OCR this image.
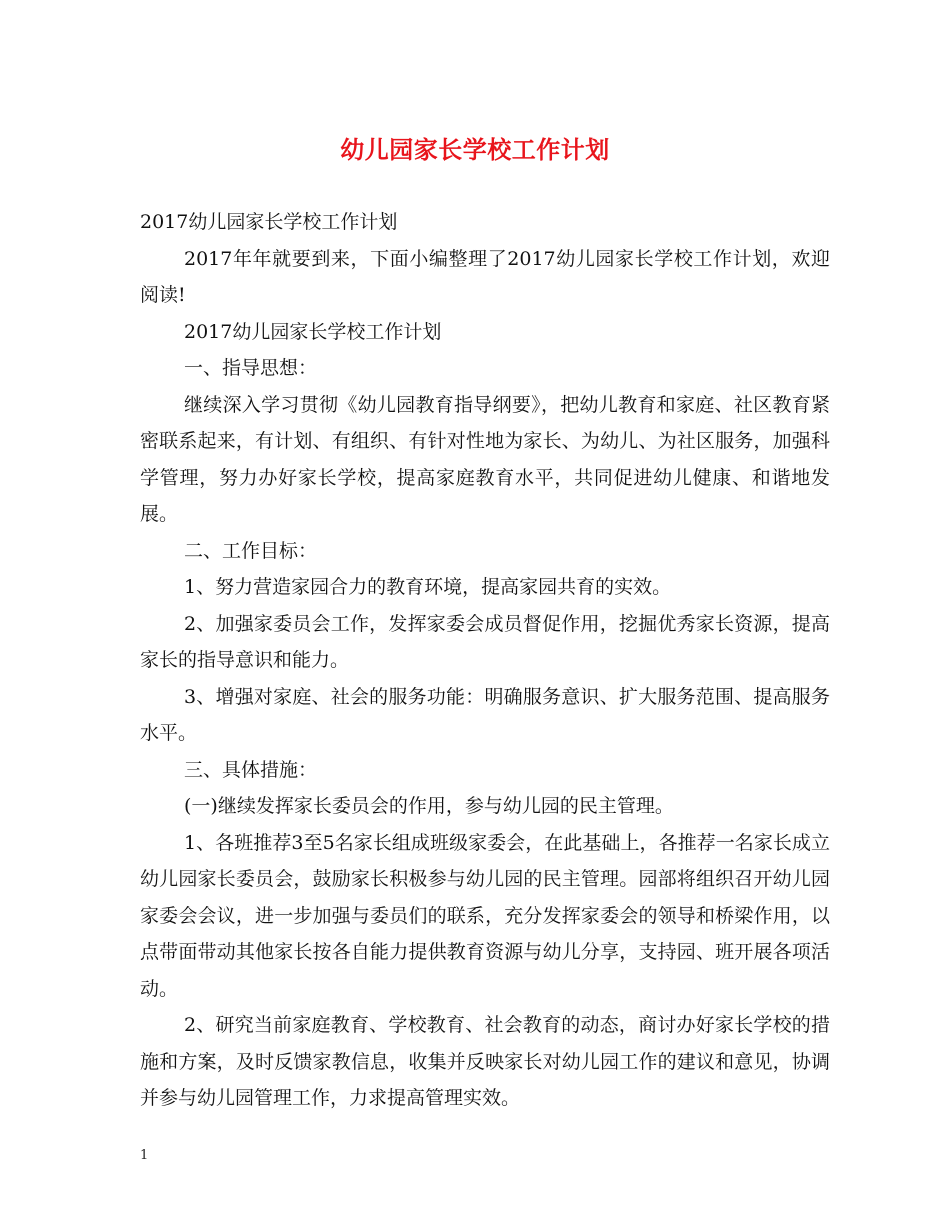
幼儿园家长学校工作计划

2017幼儿园家长学校工作计划

2017年年就要到来，下面小编整理了2017幼儿园家长学校工作计划，欢迎阅读!

2017幼儿园家长学校工作计划

一、指导思想：

继续深入学习贯彻《幼儿园教育指导纲要》，把幼儿教育和家庭、社区教育紧密联系起来，有计划、有组织、有针对性地为家长、为幼儿、为社区服务，加强科学管理，努力办好家长学校，提高家庭教育水平，共同促进幼儿健康、和谐地发展。

二、工作目标：

1、努力营造家园合力的教育环境，提高家园共育的实效。

2、加强家委员会工作，发挥家委会成员督促作用，挖掘优秀家长资源，提高家长的指导意识和能力。

3、增强对家庭、社会的服务功能：明确服务意识、扩大服务范围、提高服务水平。

三、具体措施：

(一)继续发挥家长委员会的作用，参与幼儿园的民主管理。

1、各班推荐3至5名家长组成班级家委会，在此基础上，各推荐一名家长成立幼儿园家长委员会，鼓励家长积极参与幼儿园的民主管理。园部将组织召开幼儿园家委会会议，进一步加强与委员们的联系，充分发挥家委会的领导和桥梁作用，以点带面带动其他家长按各自能力提供教育资源与幼儿分享，支持园、班开展各项活动。

2、研究当前家庭教育、学校教育、社会教育的动态，商讨办好家长学校的措施和方案，及时反馈家教信息，收集并反映家长对幼儿园工作的建议和意见，协调并参与幼儿园管理工作，力求提高管理实效。

1
